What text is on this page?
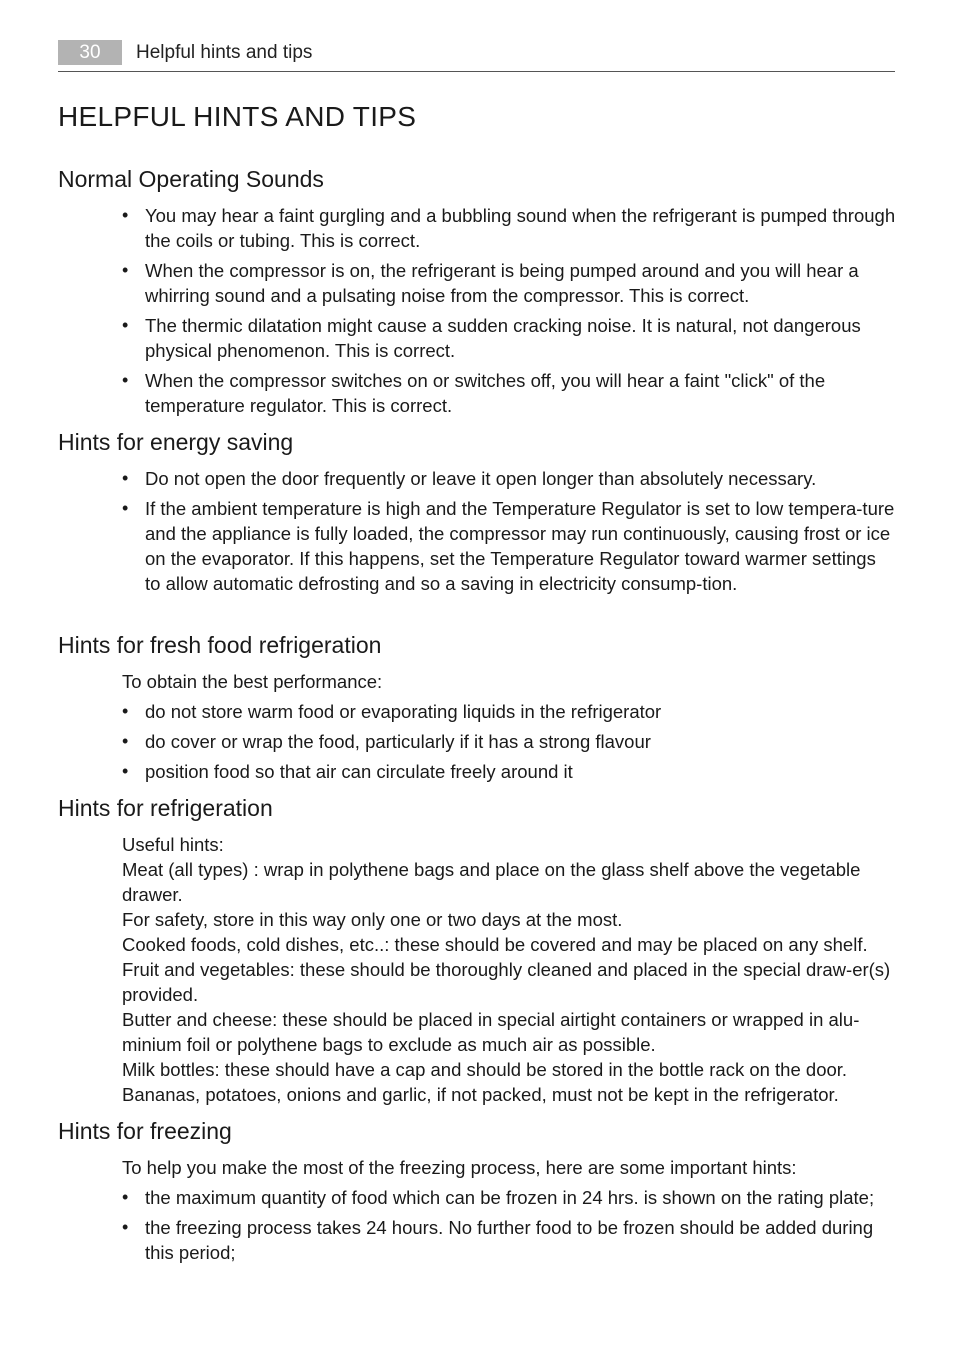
30	Helpful hints and tips
HELPFUL HINTS AND TIPS
Normal Operating Sounds
• You may hear a faint gurgling and a bubbling sound when the refrigerant is pumped through the coils or tubing. This is correct.
• When the compressor is on, the refrigerant is being pumped around and you will hear a whirring sound and a pulsating noise from the compressor. This is correct.
• The thermic dilatation might cause a sudden cracking noise. It is natural, not dangerous physical phenomenon. This is correct.
• When the compressor switches on or switches off, you will hear a faint "click" of the temperature regulator. This is correct.
Hints for energy saving
• Do not open the door frequently or leave it open longer than absolutely necessary.
• If the ambient temperature is high and the Temperature Regulator is set to low tempera-ture and the appliance is fully loaded, the compressor may run continuously, causing frost or ice on the evaporator. If this happens, set the Temperature Regulator toward warmer settings to allow automatic defrosting and so a saving in electricity consump-tion.
Hints for fresh food refrigeration

To obtain the best performance:

• do not store warm food or evaporating liquids in the refrigerator
• do cover or wrap the food, particularly if it has a strong flavour
• position food so that air can circulate freely around it
Hints for refrigeration

Useful hints:

Meat (all types) : wrap in polythene bags and place on the glass shelf above the vegetable drawer.

For safety, store in this way only one or two days at the most.

Cooked foods, cold dishes, etc..: these should be covered and may be placed on any shelf.

Fruit and vegetables: these should be thoroughly cleaned and placed in the special draw-er(s) provided.

Butter and cheese: these should be placed in special airtight containers or wrapped in alu-minium foil or polythene bags to exclude as much air as possible.

Milk bottles: these should have a cap and should be stored in the bottle rack on the door.

Bananas, potatoes, onions and garlic, if not packed, must not be kept in the refrigerator.

Hints for freezing

To help you make the most of the freezing process, here are some important hints:

• the maximum quantity of food which can be frozen in 24 hrs. is shown on the rating plate;
• the freezing process takes 24 hours. No further food to be frozen should be added during this period;
